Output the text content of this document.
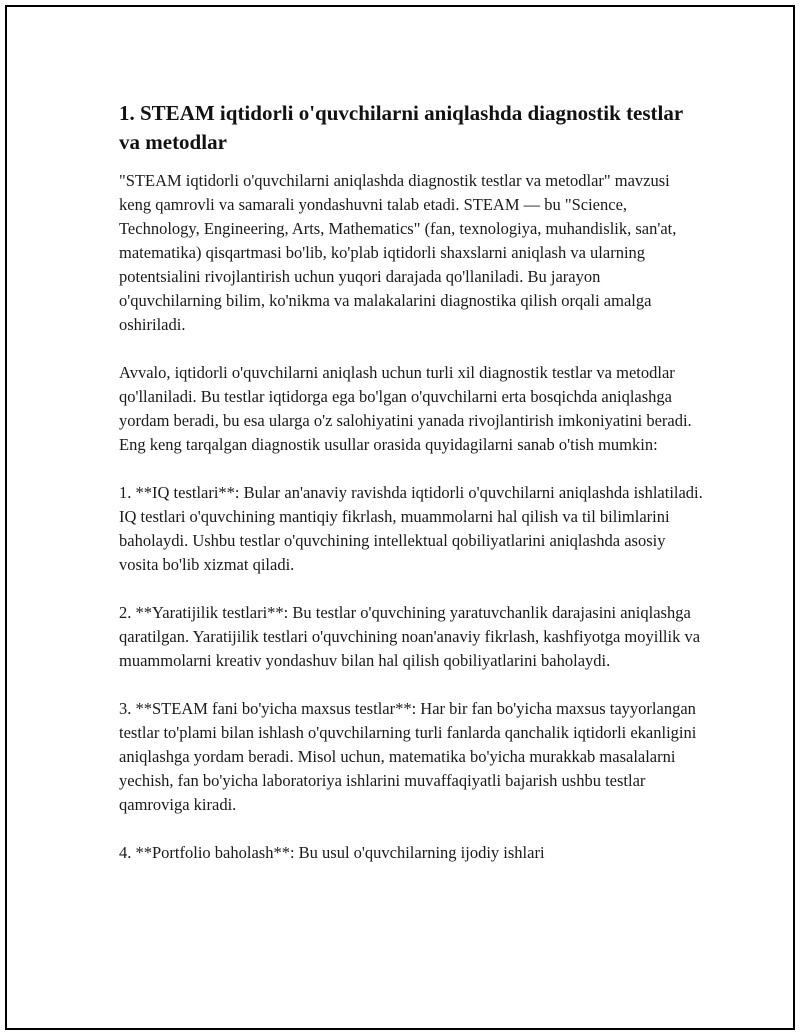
1. STEAM iqtidorli o'quvchilarni aniqlashda diagnostik testlar va metodlar

"STEAM iqtidorli o'quvchilarni aniqlashda diagnostik testlar va metodlar" mavzusi keng qamrovli va samarali yondashuvni talab etadi. STEAM — bu "Science, Technology, Engineering, Arts, Mathematics" (fan, texnologiya, muhandislik, san'at, matematika) qisqartmasi bo'lib, ko'plab iqtidorli shaxslarni aniqlash va ularning potentsialini rivojlantirish uchun yuqori darajada qo'llaniladi. Bu jarayon o'quvchilarning bilim, ko'nikma va malakalarini diagnostika qilish orqali amalga oshiriladi.

Avvalo, iqtidorli o'quvchilarni aniqlash uchun turli xil diagnostik testlar va metodlar qo'llaniladi. Bu testlar iqtidorga ega bo'lgan o'quvchilarni erta bosqichda aniqlashga yordam beradi, bu esa ularga o'z salohiyatini yanada rivojlantirish imkoniyatini beradi. Eng keng tarqalgan diagnostik usullar orasida quyidagilarni sanab o'tish mumkin:

1. **IQ testlari**: Bular an'anaviy ravishda iqtidorli o'quvchilarni aniqlashda ishlatiladi. IQ testlari o'quvchining mantiqiy fikrlash, muammolarni hal qilish va til bilimlarini baholaydi. Ushbu testlar o'quvchining intellektual qobiliyatlarini aniqlashda asosiy vosita bo'lib xizmat qiladi.

2. **Yaratijilik testlari**: Bu testlar o'quvchining yaratuvchanlik darajasini aniqlashga qaratilgan. Yaratijilik testlari o'quvchining noan'anaviy fikrlash, kashfiyotga moyillik va muammolarni kreativ yondashuv bilan hal qilish qobiliyatlarini baholaydi.

3. **STEAM fani bo'yicha maxsus testlar**: Har bir fan bo'yicha maxsus tayyorlangan testlar to'plami bilan ishlash o'quvchilarning turli fanlarda qanchalik iqtidorli ekanligini aniqlashga yordam beradi. Misol uchun, matematika bo'yicha murakkab masalalarni yechish, fan bo'yicha laboratoriya ishlarini muvaffaqiyatli bajarish ushbu testlar qamroviga kiradi.

4. **Portfolio baholash**: Bu usul o'quvchilarning ijodiy ishlari
